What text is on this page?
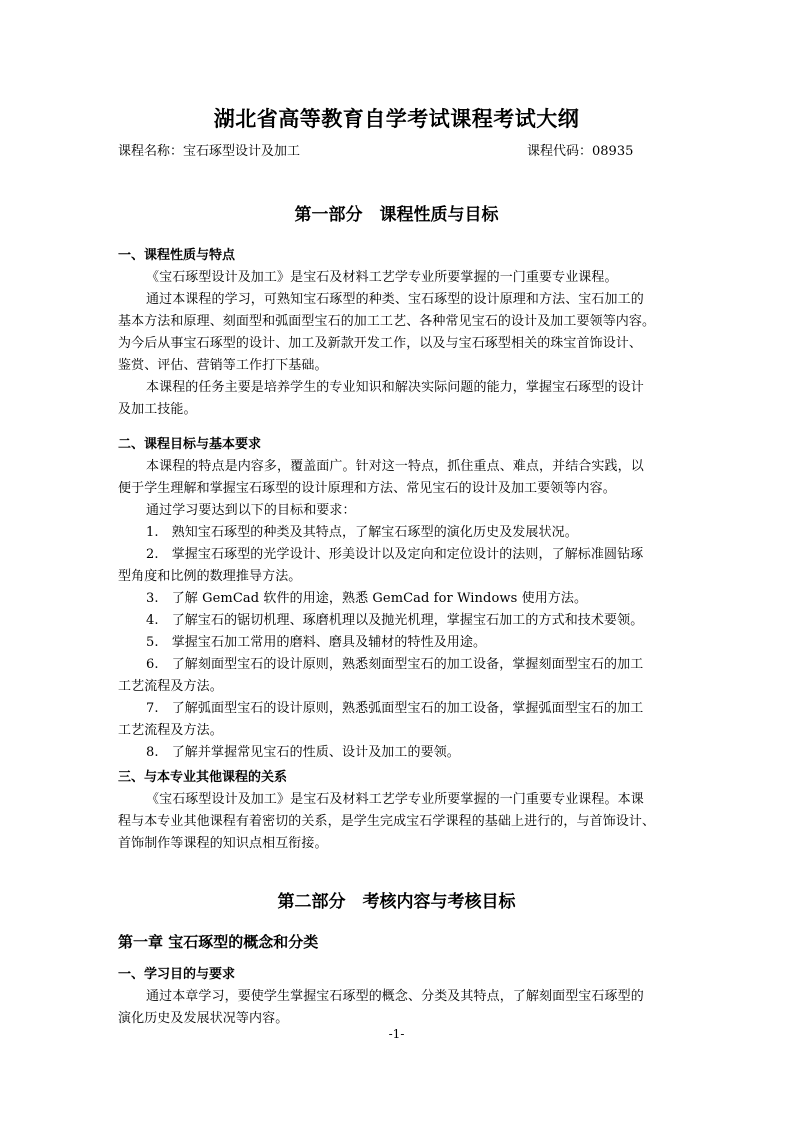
湖北省高等教育自学考试课程考试大纲
课程名称：宝石琢型设计及加工	课程代码：08935
第一部分　课程性质与目标
一、课程性质与特点
《宝石琢型设计及加工》是宝石及材料工艺学专业所要掌握的一门重要专业课程。
通过本课程的学习，可熟知宝石琢型的种类、宝石琢型的设计原理和方法、宝石加工的
基本方法和原理、刻面型和弧面型宝石的加工工艺、各种常见宝石的设计及加工要领等内容。
为今后从事宝石琢型的设计、加工及新款开发工作，以及与宝石琢型相关的珠宝首饰设计、
鉴赏、评估、营销等工作打下基础。
本课程的任务主要是培养学生的专业知识和解决实际问题的能力，掌握宝石琢型的设计
及加工技能。
二、课程目标与基本要求
本课程的特点是内容多，覆盖面广。针对这一特点，抓住重点、难点，并结合实践，以
便于学生理解和掌握宝石琢型的设计原理和方法、常见宝石的设计及加工要领等内容。
通过学习要达到以下的目标和要求：
1.　熟知宝石琢型的种类及其特点，了解宝石琢型的演化历史及发展状况。
2.　掌握宝石琢型的光学设计、形美设计以及定向和定位设计的法则，了解标准圆钻琢
型角度和比例的数理推导方法。
3.　了解 GemCad 软件的用途，熟悉 GemCad for Windows 使用方法。
4.　了解宝石的锯切机理、琢磨机理以及抛光机理，掌握宝石加工的方式和技术要领。
5.　掌握宝石加工常用的磨料、磨具及辅材的特性及用途。
6.　了解刻面型宝石的设计原则，熟悉刻面型宝石的加工设备，掌握刻面型宝石的加工
工艺流程及方法。
7.　了解弧面型宝石的设计原则，熟悉弧面型宝石的加工设备，掌握弧面型宝石的加工
工艺流程及方法。
8.　了解并掌握常见宝石的性质、设计及加工的要领。
三、与本专业其他课程的关系
《宝石琢型设计及加工》是宝石及材料工艺学专业所要掌握的一门重要专业课程。本课
程与本专业其他课程有着密切的关系，是学生完成宝石学课程的基础上进行的，与首饰设计、
首饰制作等课程的知识点相互衔接。
第二部分　考核内容与考核目标
第一章 宝石琢型的概念和分类
一、学习目的与要求
通过本章学习，要使学生掌握宝石琢型的概念、分类及其特点，了解刻面型宝石琢型的
演化历史及发展状况等内容。
-1-
